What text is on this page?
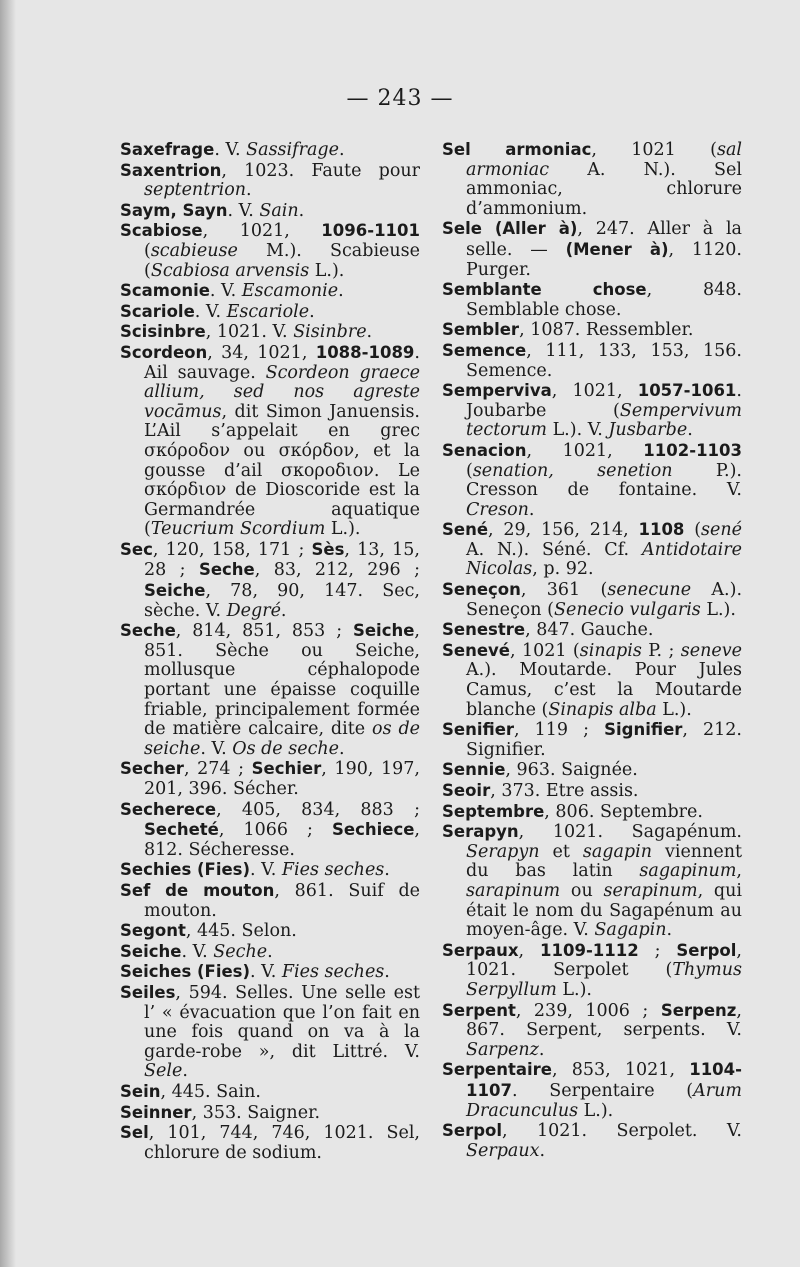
— 243 —

Saxefrage. V. Sassifrage.

Saxentrion, 1023. Faute pour septentrion.

Saym, Sayn. V. Sain.

Scabiose, 1021, 1096-1101 (scabieuse M.). Scabieuse (Scabiosa arvensis L.).

Scamonie. V. Escamonie.

Scariole. V. Escariole.

Scisinbre, 1021. V. Sisinbre.

Scordeon, 34, 1021, 1088-1089. Ail sauvage. Scordeon graece allium, sed nos agreste vocāmus, dit Simon Januensis. L’Ail s’appelait en grec σκόροδον ou σκόρδον, et la gousse d’ail σκοροδιον. Le σκόρδιον de Dioscoride est la Germandrée aquatique (Teucrium Scordium L.).

Sec, 120, 158, 171 ; Sès, 13, 15, 28 ; Seche, 83, 212, 296 ; Seiche, 78, 90, 147. Sec, sèche. V. Degré.

Seche, 814, 851, 853 ; Seiche, 851. Sèche ou Seiche, mollusque céphalopode portant une épaisse coquille friable, principalement formée de matière calcaire, dite os de seiche. V. Os de seche.

Secher, 274 ; Sechier, 190, 197, 201, 396. Sécher.

Secherece, 405, 834, 883 ; Secheté, 1066 ; Sechiece, 812. Sécheresse.

Sechies (Fies). V. Fies seches.

Sef de mouton, 861. Suif de mouton.

Segont, 445. Selon.

Seiche. V. Seche.

Seiches (Fies). V. Fies seches.

Seiles, 594. Selles. Une selle est l’ « évacuation que l’on fait en une fois quand on va à la garde-robe », dit Littré. V. Sele.

Sein, 445. Sain.

Seinner, 353. Saigner.

Sel, 101, 744, 746, 1021. Sel, chlorure de sodium.

Sel armoniac, 1021 (sal armoniac A. N.). Sel ammoniac, chlorure d’ammonium.

Sele (Aller à), 247. Aller à la selle. — (Mener à), 1120. Purger.

Semblante chose, 848. Semblable chose.

Sembler, 1087. Ressembler.

Semence, 111, 133, 153, 156. Semence.

Semperviva, 1021, 1057-1061. Joubarbe (Sempervivum tectorum L.). V. Jusbarbe.

Senacion, 1021, 1102-1103 (senation, senetion P.). Cresson de fontaine. V. Creson.

Sené, 29, 156, 214, 1108 (sené A. N.). Séné. Cf. Antidotaire Nicolas, p. 92.

Seneçon, 361 (senecune A.). Seneçon (Senecio vulgaris L.).

Senestre, 847. Gauche.

Senevé, 1021 (sinapis P. ; seneve A.). Moutarde. Pour Jules Camus, c’est la Moutarde blanche (Sinapis alba L.).

Senifier, 119 ; Signifier, 212. Signifier.

Sennie, 963. Saignée.

Seoir, 373. Etre assis.

Septembre, 806. Septembre.

Serapyn, 1021. Sagapénum. Serapyn et sagapin viennent du bas latin sagapinum, sarapinum ou serapinum, qui était le nom du Sagapénum au moyen-âge. V. Sagapin.

Serpaux, 1109-1112 ; Serpol, 1021. Serpolet (Thymus Serpyllum L.).

Serpent, 239, 1006 ; Serpenz, 867. Serpent, serpents. V. Sarpenz.

Serpentaire, 853, 1021, 1104-1107. Serpentaire (Arum Dracunculus L.).

Serpol, 1021. Serpolet. V. Serpaux.
